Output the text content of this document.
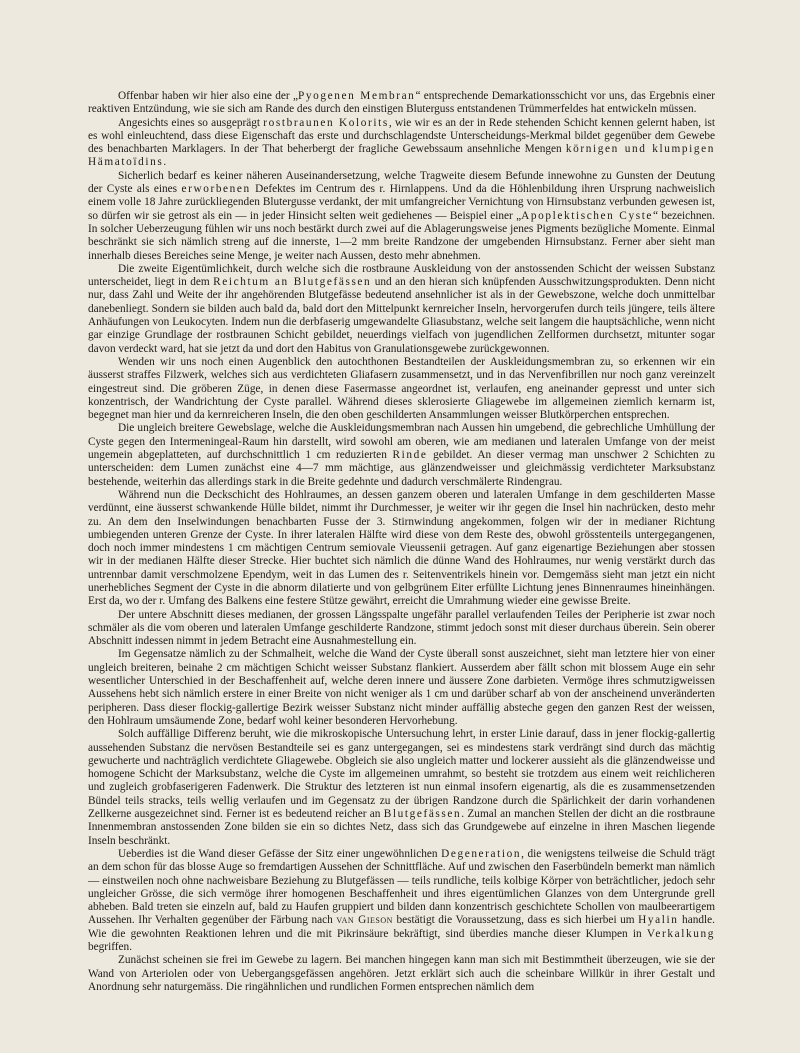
Offenbar haben wir hier also eine der „Pyogenen Membran“ entsprechende Demarkationsschicht vor uns, das Ergebnis einer reaktiven Entzündung, wie sie sich am Rande des durch den einstigen Bluterguss entstandenen Trümmerfeldes hat entwickeln müssen.

Angesichts eines so ausgeprägt rostbraunen Kolorits, wie wir es an der in Rede stehenden Schicht kennen gelernt haben, ist es wohl einleuchtend, dass diese Eigenschaft das erste und durchschlagendste Unterscheidungs-Merkmal bildet gegenüber dem Gewebe des benachbarten Marklagers. In der That beherbergt der fragliche Gewebssaum ansehnliche Mengen körnigen und klumpigen Hämatoïdins.

Sicherlich bedarf es keiner näheren Auseinandersetzung, welche Tragweite diesem Befunde innewohne zu Gunsten der Deutung der Cyste als eines erworbenen Defektes im Centrum des r. Hirnlappens. Und da die Höhlenbildung ihren Ursprung nachweislich einem volle 18 Jahre zurückliegenden Blutergusse verdankt, der mit umfangreicher Vernichtung von Hirnsubstanz verbunden gewesen ist, so dürfen wir sie getrost als ein — in jeder Hinsicht selten weit gediehenes — Beispiel einer „Apoplektischen Cyste“ bezeichnen. In solcher Ueberzeugung fühlen wir uns noch bestärkt durch zwei auf die Ablagerungsweise jenes Pigments bezügliche Momente. Einmal beschränkt sie sich nämlich streng auf die innerste, 1—2 mm breite Randzone der umgebenden Hirnsubstanz. Ferner aber sieht man innerhalb dieses Bereiches seine Menge, je weiter nach Aussen, desto mehr abnehmen.

Die zweite Eigentümlichkeit, durch welche sich die rostbraune Auskleidung von der anstossenden Schicht der weissen Substanz unterscheidet, liegt in dem Reichtum an Blutgefässen und an den hieran sich knüpfenden Ausschwitzungsprodukten. Denn nicht nur, dass Zahl und Weite der ihr angehörenden Blutgefässe bedeutend ansehnlicher ist als in der Gewebszone, welche doch unmittelbar danebenliegt. Sondern sie bilden auch bald da, bald dort den Mittelpunkt kernreicher Inseln, hervorgerufen durch teils jüngere, teils ältere Anhäufungen von Leukocyten. Indem nun die derbfaserig umgewandelte Gliasubstanz, welche seit langem die hauptsächliche, wenn nicht gar einzige Grundlage der rostbraunen Schicht gebildet, neuerdings vielfach von jugendlichen Zellformen durchsetzt, mitunter sogar davon verdeckt ward, hat sie jetzt da und dort den Habitus von Granulationsgewebe zurückgewonnen.

Wenden wir uns noch einen Augenblick den autochthonen Bestandteilen der Auskleidungsmembran zu, so erkennen wir ein äusserst straffes Filzwerk, welches sich aus verdichteten Gliafasern zusammensetzt, und in das Nervenfibrillen nur noch ganz vereinzelt eingestreut sind. Die gröberen Züge, in denen diese Fasermasse angeordnet ist, verlaufen, eng aneinander gepresst und unter sich konzentrisch, der Wandrichtung der Cyste parallel. Während dieses sklerosierte Gliagewebe im allgemeinen ziemlich kernarm ist, begegnet man hier und da kernreicheren Inseln, die den oben geschilderten Ansammlungen weisser Blutkörperchen entsprechen.

Die ungleich breitere Gewebslage, welche die Auskleidungsmembran nach Aussen hin umgebend, die gebrechliche Umhüllung der Cyste gegen den Intermeningeal-Raum hin darstellt, wird sowohl am oberen, wie am medianen und lateralen Umfange von der meist ungemein abgeplatteten, auf durchschnittlich 1 cm reduzierten Rinde gebildet. An dieser vermag man unschwer 2 Schichten zu unterscheiden: dem Lumen zunächst eine 4—7 mm mächtige, aus glänzendweisser und gleichmässig verdichteter Marksubstanz bestehende, weiterhin das allerdings stark in die Breite gedehnte und dadurch verschmälerte Rindengrau.

Während nun die Deckschicht des Hohlraumes, an dessen ganzem oberen und lateralen Umfange in dem geschilderten Masse verdünnt, eine äusserst schwankende Hülle bildet, nimmt ihr Durchmesser, je weiter wir ihr gegen die Insel hin nachrücken, desto mehr zu. An dem den Inselwindungen benachbarten Fusse der 3. Stirnwindung angekommen, folgen wir der in medianer Richtung umbiegenden unteren Grenze der Cyste. In ihrer lateralen Hälfte wird diese von dem Reste des, obwohl grösstenteils untergegangenen, doch noch immer mindestens 1 cm mächtigen Centrum semiovale Vieussenii getragen. Auf ganz eigenartige Beziehungen aber stossen wir in der medianen Hälfte dieser Strecke. Hier buchtet sich nämlich die dünne Wand des Hohlraumes, nur wenig verstärkt durch das untrennbar damit verschmolzene Ependym, weit in das Lumen des r. Seitenventrikels hinein vor. Demgemäss sieht man jetzt ein nicht unerhebliches Segment der Cyste in die abnorm dilatierte und von gelbgrünem Eiter erfüllte Lichtung jenes Binnenraumes hineinhängen. Erst da, wo der r. Umfang des Balkens eine festere Stütze gewährt, erreicht die Umrahmung wieder eine gewisse Breite.

Der untere Abschnitt dieses medianen, der grossen Längsspalte ungefähr parallel verlaufenden Teiles der Peripherie ist zwar noch schmäler als die vom oberen und lateralen Umfange geschilderte Randzone, stimmt jedoch sonst mit dieser durchaus überein. Sein oberer Abschnitt indessen nimmt in jedem Betracht eine Ausnahmestellung ein.

Im Gegensatze nämlich zu der Schmalheit, welche die Wand der Cyste überall sonst auszeichnet, sieht man letztere hier von einer ungleich breiteren, beinahe 2 cm mächtigen Schicht weisser Substanz flankiert. Ausserdem aber fällt schon mit blossem Auge ein sehr wesentlicher Unterschied in der Beschaffenheit auf, welche deren innere und äussere Zone darbieten. Vermöge ihres schmutzigweissen Aussehens hebt sich nämlich erstere in einer Breite von nicht weniger als 1 cm und darüber scharf ab von der anscheinend unveränderten peripheren. Dass dieser flockig-gallertige Bezirk weisser Substanz nicht minder auffällig absteche gegen den ganzen Rest der weissen, den Hohlraum umsäumende Zone, bedarf wohl keiner besonderen Hervorhebung.

Solch auffällige Differenz beruht, wie die mikroskopische Untersuchung lehrt, in erster Linie darauf, dass in jener flockig-gallertig aussehenden Substanz die nervösen Bestandteile sei es ganz untergegangen, sei es mindestens stark verdrängt sind durch das mächtig gewucherte und nachträglich verdichtete Gliagewebe. Obgleich sie also ungleich matter und lockerer aussieht als die glänzendweisse und homogene Schicht der Marksubstanz, welche die Cyste im allgemeinen umrahmt, so besteht sie trotzdem aus einem weit reichlicheren und zugleich grobfaserigeren Fadenwerk. Die Struktur des letzteren ist nun einmal insofern eigenartig, als die es zusammensetzenden Bündel teils stracks, teils wellig verlaufen und im Gegensatz zu der übrigen Randzone durch die Spärlichkeit der darin vorhandenen Zellkerne ausgezeichnet sind. Ferner ist es bedeutend reicher an Blutgefässen. Zumal an manchen Stellen der dicht an die rostbraune Innenmembran anstossenden Zone bilden sie ein so dichtes Netz, dass sich das Grundgewebe auf einzelne in ihren Maschen liegende Inseln beschränkt.

Ueberdies ist die Wand dieser Gefässe der Sitz einer ungewöhnlichen Degeneration, die wenigstens teilweise die Schuld trägt an dem schon für das blosse Auge so fremdartigen Aussehen der Schnittfläche. Auf und zwischen den Faserbündeln bemerkt man nämlich — einstweilen noch ohne nachweisbare Beziehung zu Blutgefässen — teils rundliche, teils kolbige Körper von beträchtlicher, jedoch sehr ungleicher Grösse, die sich vermöge ihrer homogenen Beschaffenheit und ihres eigentümlichen Glanzes von dem Untergrunde grell abheben. Bald treten sie einzeln auf, bald zu Haufen gruppiert und bilden dann konzentrisch geschichtete Schollen von maulbeerartigem Aussehen. Ihr Verhalten gegenüber der Färbung nach van Gieson bestätigt die Voraussetzung, dass es sich hierbei um Hyalin handle. Wie die gewohnten Reaktionen lehren und die mit Pikrinsäure bekräftigt, sind überdies manche dieser Klumpen in Verkalkung begriffen.

Zunächst scheinen sie frei im Gewebe zu lagern. Bei manchen hingegen kann man sich mit Bestimmtheit überzeugen, wie sie der Wand von Arteriolen oder von Uebergangsgefässen angehören. Jetzt erklärt sich auch die scheinbare Willkür in ihrer Gestalt und Anordnung sehr naturgemäss. Die ringähnlichen und rundlichen Formen entsprechen nämlich dem
